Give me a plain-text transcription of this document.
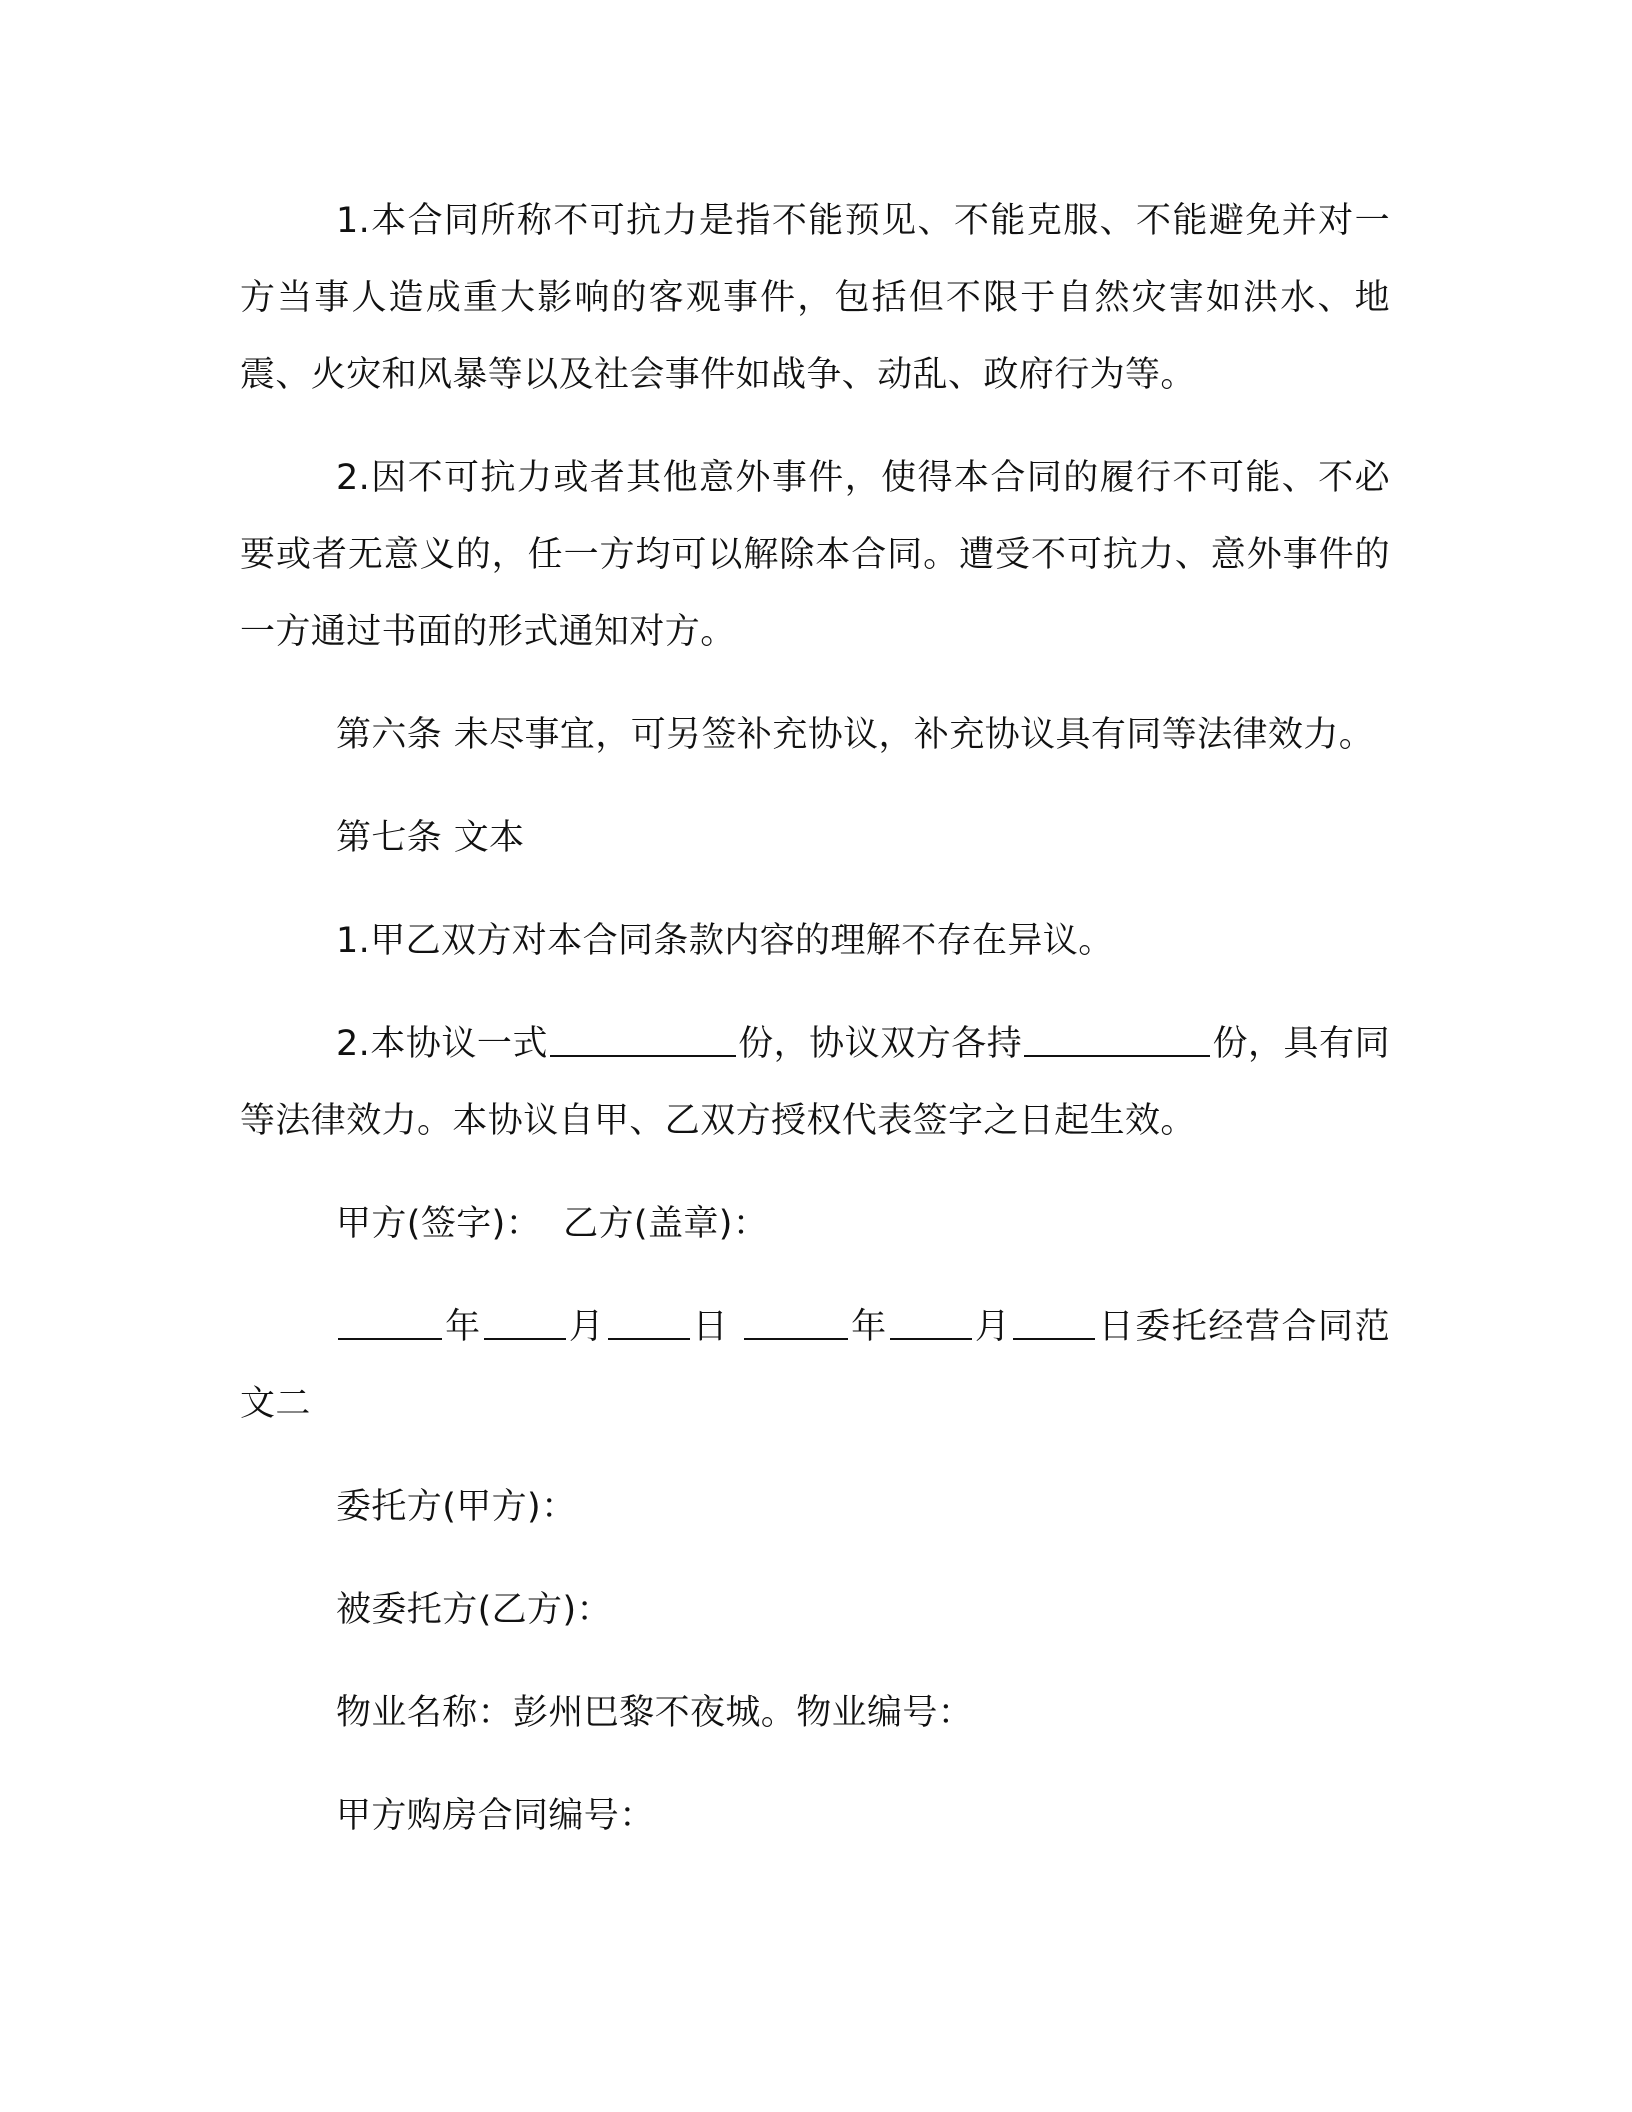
1.本合同所称不可抗力是指不能预见、不能克服、不能避免并对一方当事人造成重大影响的客观事件，包括但不限于自然灾害如洪水、地震、火灾和风暴等以及社会事件如战争、动乱、政府行为等。

2.因不可抗力或者其他意外事件，使得本合同的履行不可能、不必要或者无意义的，任一方均可以解除本合同。遭受不可抗力、意外事件的一方通过书面的形式通知对方。

第六条 未尽事宜，可另签补充协议，补充协议具有同等法律效力。

第七条 文本

1.甲乙双方对本合同条款内容的理解不存在异议。

2.本协议一式	份，协议双方各持	份，具有同等法律效力。本协议自甲、乙双方授权代表签字之日起生效。

甲方(签字)： 乙方(盖章)：

年 月 日	年 月 日委托经营合同范文二

委托方(甲方)：

被委托方(乙方)：

物业名称：彭州巴黎不夜城。物业编号：

甲方购房合同编号：
